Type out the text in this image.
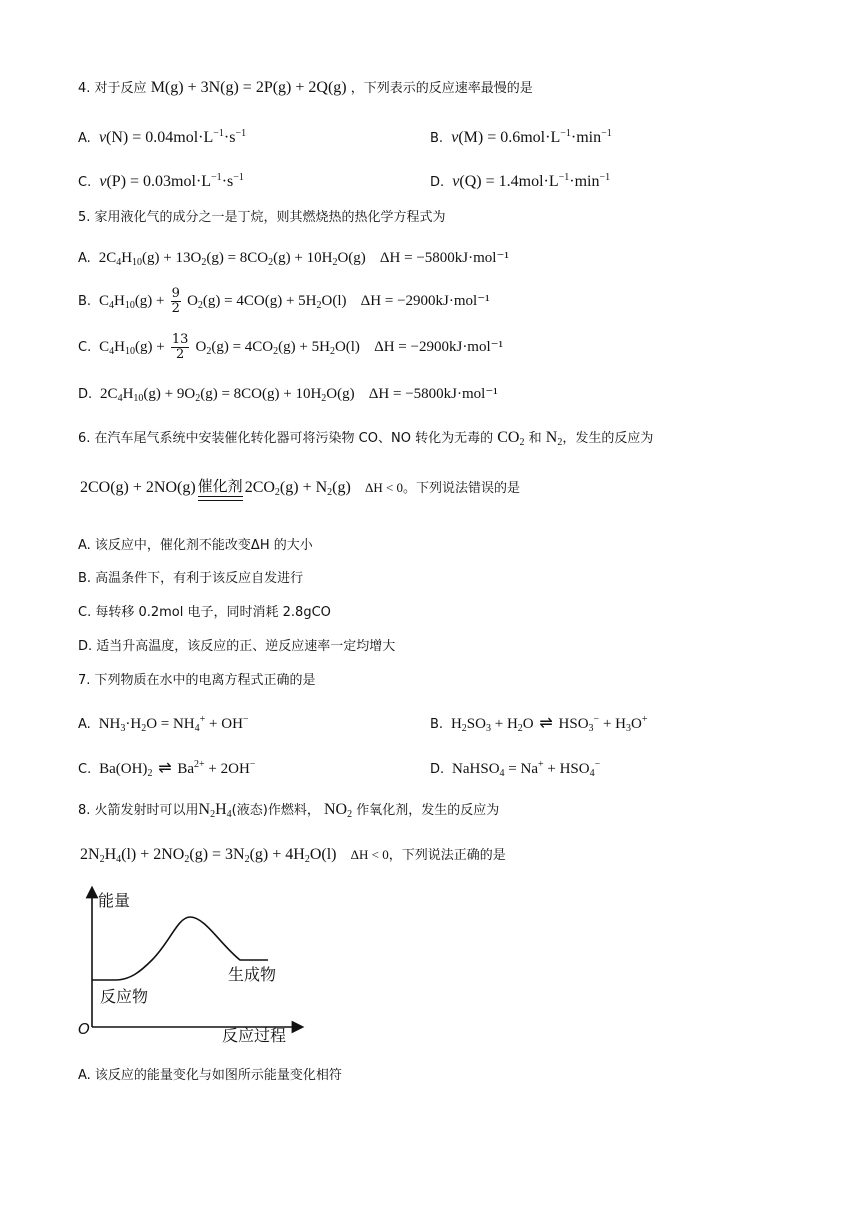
4. 对于反应 M(g) + 3N(g) = 2P(g) + 2Q(g) ，下列表示的反应速率最慢的是
A. $v(N) = 0.04mol\cdot L^{-1}\cdot s^{-1}$	B. $v(M) = 0.6mol\cdot L^{-1}\cdot\min^{-1}$
C. $v(P) = 0.03mol\cdot L^{-1}\cdot s^{-1}$	D. $v(Q) = 1.4mol\cdot L^{-1}\cdot\min^{-1}$
5. 家用液化气的成分之一是丁烷，则其燃烧热的热化学方程式为
A.  $2C_4H_{10}(g) + 13O_2(g) = 8CO_2(g) + 10H_2O(g) \Delta H = -5800kJ\cdot mol^{-1}$
B.  $C_4H_{10}(g) + \frac{9}{2} O_2(g) = 4CO(g) + 5H_2O(l) \Delta H = -2900kJ\cdot mol^{-1}$
C.  $C_4H_{10}(g) + \frac{13}{2} O_2(g) = 4CO_2(g) + 5H_2O(l) \Delta H = -2900kJ\cdot mol^{-1}$
D.  $2C_4H_{10}(g) + 9O_2(g) = 8CO(g) + 10H_2O(g) \Delta H = -5800kJ\cdot mol^{-1}$
6. 在汽车尾气系统中安装催化转化器可将污染物 CO、NO 转化为无毒的 $CO_2$ 和 $N_2$，发生的反应为
2CO(g) + 2NO(g) 催化剂 $2CO_2(g) + N_2(g) \Delta H < 0$。下列说法错误的是
A. 该反应中，催化剂不能改变ΔH 的大小
B. 高温条件下，有利于该反应自发进行
C. 每转移 0.2mol 电子，同时消耗 2.8gCO
D. 适当升高温度，该反应的正、逆反应速率一定均增大
7. 下列物质在水中的电离方程式正确的是
A.  $NH_3\cdot H_2O = NH_4^+ + OH^-$	B.  $H_2SO_3 + H_2O$ ⇌ $HSO_3^- + H_3O^+$
C.  $Ba(OH)_2$ ⇌ $Ba^{2+} + 2OH^-$	D.  NaHSO$_4$ = $Na^+ + HSO_4^-$
8. 火箭发射时可以用$N_2H_4$(液态)作燃料， $NO_2$ 作氧化剂，发生的反应为
$2N_2H_4(l) + 2NO_2(g) = 3N_2(g) + 4H_2O(l) \Delta H < 0$，下列说法正确的是
能量
O	反应过程
反应物
生成物
A. 该反应的能量变化与如图所示能量变化相符
